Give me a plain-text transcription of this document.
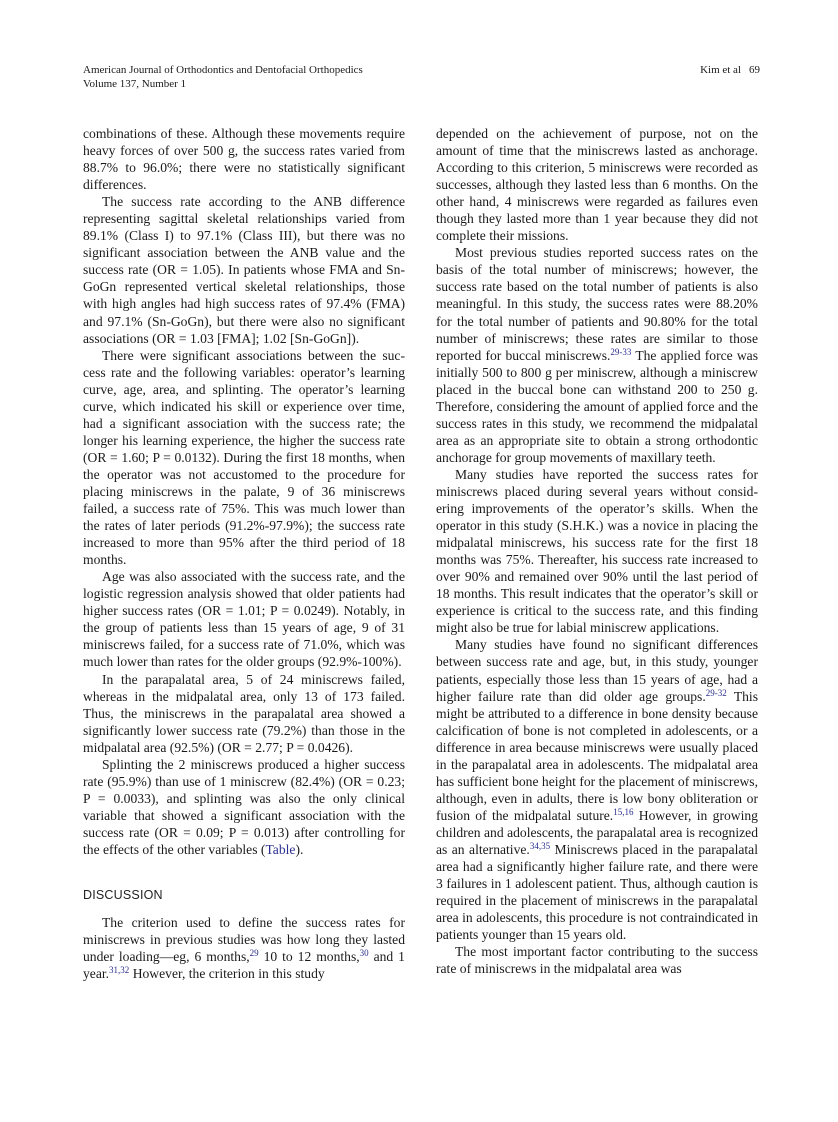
American Journal of Orthodontics and Dentofacial Orthopedics
Volume 137, Number 1
Kim et al 69

combinations of these. Although these movements require heavy forces of over 500 g, the success rates varied from 88.7% to 96.0%; there were no statistically significant differences.

The success rate according to the ANB difference representing sagittal skeletal relationships varied from 89.1% (Class I) to 97.1% (Class III), but there was no significant association between the ANB value and the success rate (OR = 1.05). In patients whose FMA and Sn-GoGn represented vertical skeletal relationships, those with high angles had high success rates of 97.4% (FMA) and 97.1% (Sn-GoGn), but there were also no significant associations (OR = 1.03 [FMA]; 1.02 [Sn-GoGn]).

There were significant associations between the success rate and the following variables: operator’s learning curve, age, area, and splinting. The operator’s learning curve, which indicated his skill or experience over time, had a significant association with the success rate; the longer his learning experience, the higher the success rate (OR = 1.60; P = 0.0132). During the first 18 months, when the operator was not accustomed to the procedure for placing miniscrews in the palate, 9 of 36 miniscrews failed, a success rate of 75%. This was much lower than the rates of later periods (91.2%-97.9%); the success rate increased to more than 95% after the third period of 18 months.

Age was also associated with the success rate, and the logistic regression analysis showed that older patients had higher success rates (OR = 1.01; P = 0.0249). Notably, in the group of patients less than 15 years of age, 9 of 31 miniscrews failed, for a success rate of 71.0%, which was much lower than rates for the older groups (92.9%-100%).

In the parapalatal area, 5 of 24 miniscrews failed, whereas in the midpalatal area, only 13 of 173 failed. Thus, the miniscrews in the parapalatal area showed a significantly lower success rate (79.2%) than those in the midpalatal area (92.5%) (OR = 2.77; P = 0.0426).

Splinting the 2 miniscrews produced a higher success rate (95.9%) than use of 1 miniscrew (82.4%) (OR = 0.23; P = 0.0033), and splinting was also the only clinical variable that showed a significant association with the success rate (OR = 0.09; P = 0.013) after controlling for the effects of the other variables (Table).

DISCUSSION

The criterion used to define the success rates for miniscrews in previous studies was how long they lasted under loading—eg, 6 months,$^{29}$ 10 to 12 months,$^{30}$ and 1 year.$^{31,32}$ However, the criterion in this study

depended on the achievement of purpose, not on the amount of time that the miniscrews lasted as anchorage. According to this criterion, 5 miniscrews were recorded as successes, although they lasted less than 6 months. On the other hand, 4 miniscrews were regarded as failures even though they lasted more than 1 year because they did not complete their missions.

Most previous studies reported success rates on the basis of the total number of miniscrews; however, the success rate based on the total number of patients is also meaningful. In this study, the success rates were 88.20% for the total number of patients and 90.80% for the total number of miniscrews; these rates are similar to those reported for buccal miniscrews.$^{29-33}$ The applied force was initially 500 to 800 g per miniscrew, although a miniscrew placed in the buccal bone can withstand 200 to 250 g. Therefore, considering the amount of applied force and the success rates in this study, we recommend the midpalatal area as an appropriate site to obtain a strong orthodontic anchorage for group movements of maxillary teeth.

Many studies have reported the success rates for miniscrews placed during several years without considering improvements of the operator’s skills. When the operator in this study (S.H.K.) was a novice in placing the midpalatal miniscrews, his success rate for the first 18 months was 75%. Thereafter, his success rate increased to over 90% and remained over 90% until the last period of 18 months. This result indicates that the operator’s skill or experience is critical to the success rate, and this finding might also be true for labial miniscrew applications.

Many studies have found no significant differences between success rate and age, but, in this study, younger patients, especially those less than 15 years of age, had a higher failure rate than did older age groups.$^{29-32}$ This might be attributed to a difference in bone density because calcification of bone is not completed in adolescents, or a difference in area because miniscrews were usually placed in the parapalatal area in adolescents. The midpalatal area has sufficient bone height for the placement of miniscrews, although, even in adults, there is low bony obliteration or fusion of the midpalatal suture.$^{15,16}$ However, in growing children and adolescents, the parapalatal area is recognized as an alternative.$^{34,35}$ Miniscrews placed in the parapalatal area had a significantly higher failure rate, and there were 3 failures in 1 adolescent patient. Thus, although caution is required in the placement of miniscrews in the parapalatal area in adolescents, this procedure is not contraindicated in patients younger than 15 years old.

The most important factor contributing to the success rate of miniscrews in the midpalatal area was
